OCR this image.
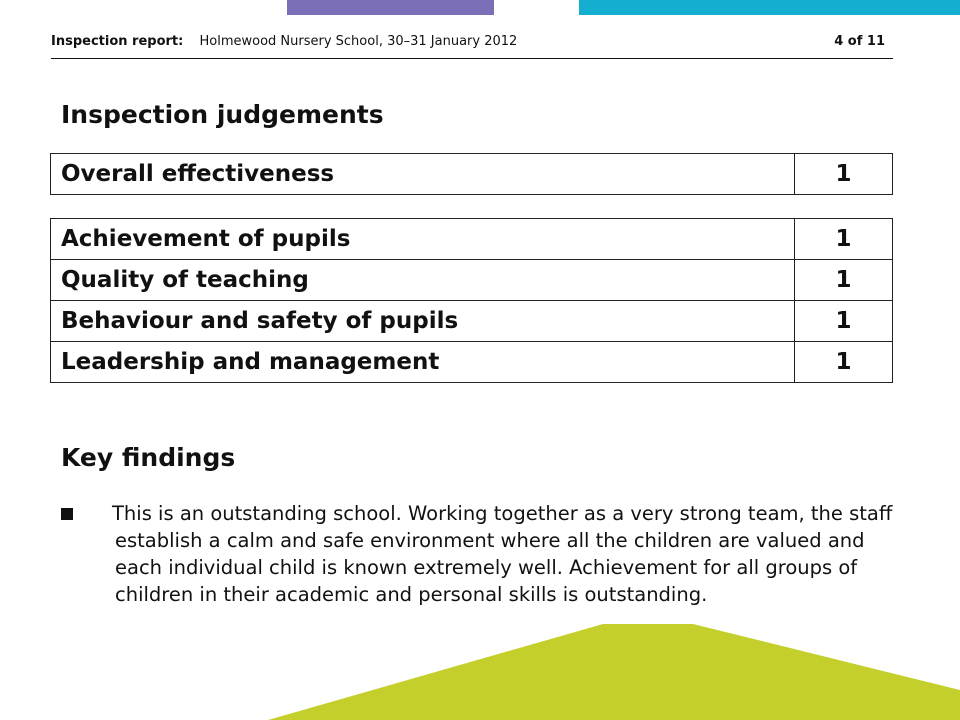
Inspection report: Holmewood Nursery School, 30–31 January 2012	4 of 11
Inspection judgements
Overall effectiveness	1
Achievement of pupils	1
Quality of teaching	1
Behaviour and safety of pupils	1
Leadership and management	1
Key findings
This is an outstanding school. Working together as a very strong team, the staff
establish a calm and safe environment where all the children are valued and
each individual child is known extremely well. Achievement for all groups of
children in their academic and personal skills is outstanding.
